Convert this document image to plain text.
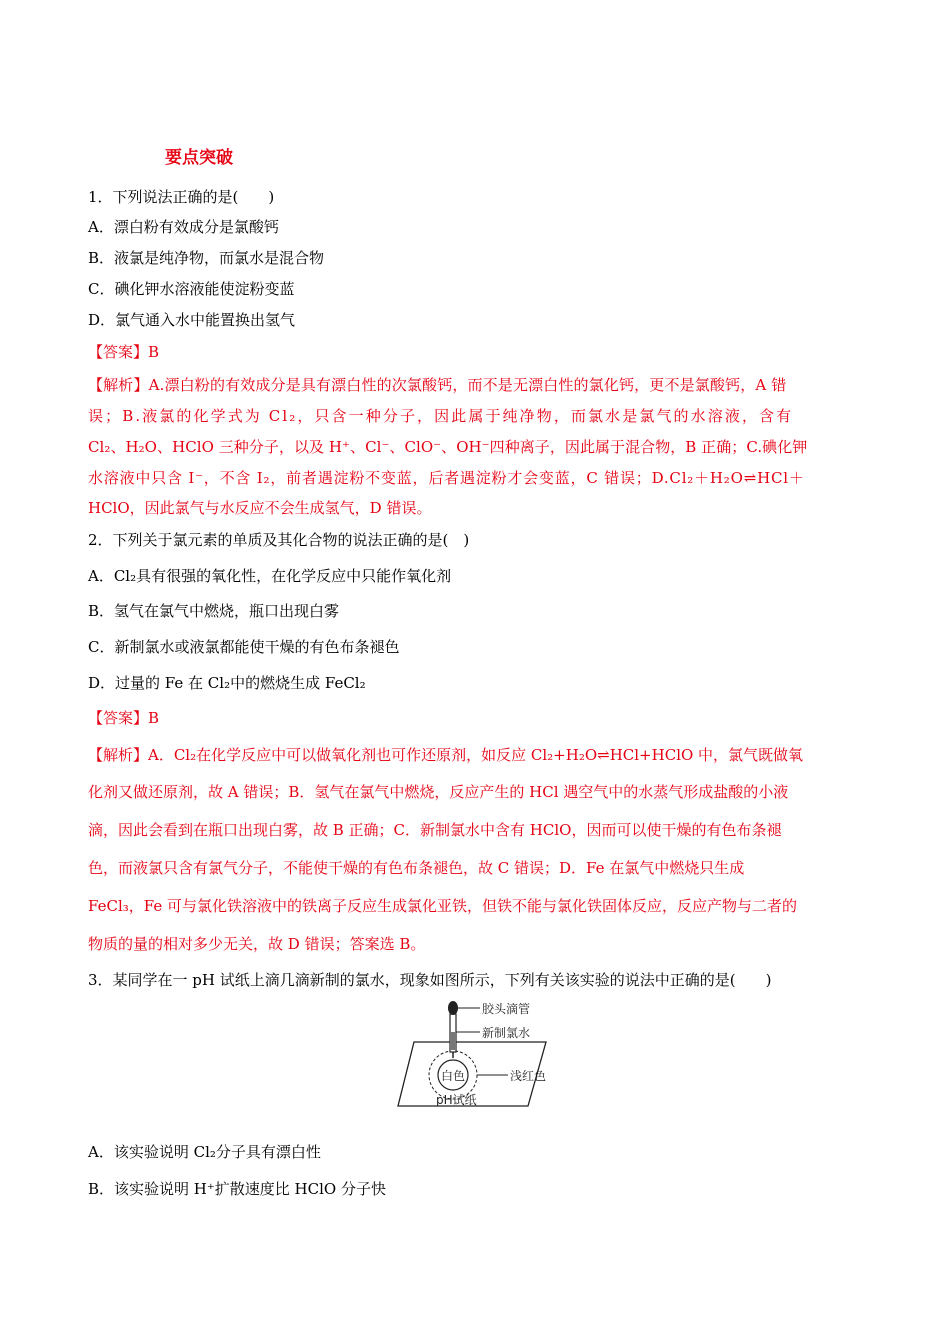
要点突破
1．下列说法正确的是(　　)
A．漂白粉有效成分是氯酸钙
B．液氯是纯净物，而氯水是混合物
C．碘化钾水溶液能使淀粉变蓝
D．氯气通入水中能置换出氢气
【答案】B
【解析】A.漂白粉的有效成分是具有漂白性的次氯酸钙，而不是无漂白性的氯化钙，更不是氯酸钙，A 错
误；B.液氯的化学式为 Cl₂，只含一种分子，因此属于纯净物，而氯水是氯气的水溶液，含有
Cl₂、H₂O、HClO 三种分子，以及 H⁺、Cl⁻、ClO⁻、OH⁻四种离子，因此属于混合物，B 正确；C.碘化钾
水溶液中只含 I⁻，不含 I₂，前者遇淀粉不变蓝，后者遇淀粉才会变蓝，C 错误；D.Cl₂＋H₂O⇌HCl＋
HClO，因此氯气与水反应不会生成氢气，D 错误。
2．下列关于氯元素的单质及其化合物的说法正确的是(　)
A．Cl₂具有很强的氧化性，在化学反应中只能作氧化剂
B．氢气在氯气中燃烧，瓶口出现白雾
C．新制氯水或液氯都能使干燥的有色布条褪色
D．过量的 Fe 在 Cl₂中的燃烧生成 FeCl₂
【答案】B
【解析】A．Cl₂在化学反应中可以做氧化剂也可作还原剂，如反应 Cl₂+H₂O⇌HCl+HClO 中，氯气既做氧
化剂又做还原剂，故 A 错误；B．氢气在氯气中燃烧，反应产生的 HCl 遇空气中的水蒸气形成盐酸的小液
滴，因此会看到在瓶口出现白雾，故 B 正确；C．新制氯水中含有 HClO，因而可以使干燥的有色布条褪
色，而液氯只含有氯气分子，不能使干燥的有色布条褪色，故 C 错误；D．Fe 在氯气中燃烧只生成
FeCl₃，Fe 可与氯化铁溶液中的铁离子反应生成氯化亚铁，但铁不能与氯化铁固体反应，反应产物与二者的
物质的量的相对多少无关，故 D 错误；答案选 B。
3．某同学在一 pH 试纸上滴几滴新制的氯水，现象如图所示，下列有关该实验的说法中正确的是(　　)
胶头滴管
新制氯水
白色	浅红色
pH试纸
A．该实验说明 Cl₂分子具有漂白性
B．该实验说明 H⁺扩散速度比 HClO 分子快
